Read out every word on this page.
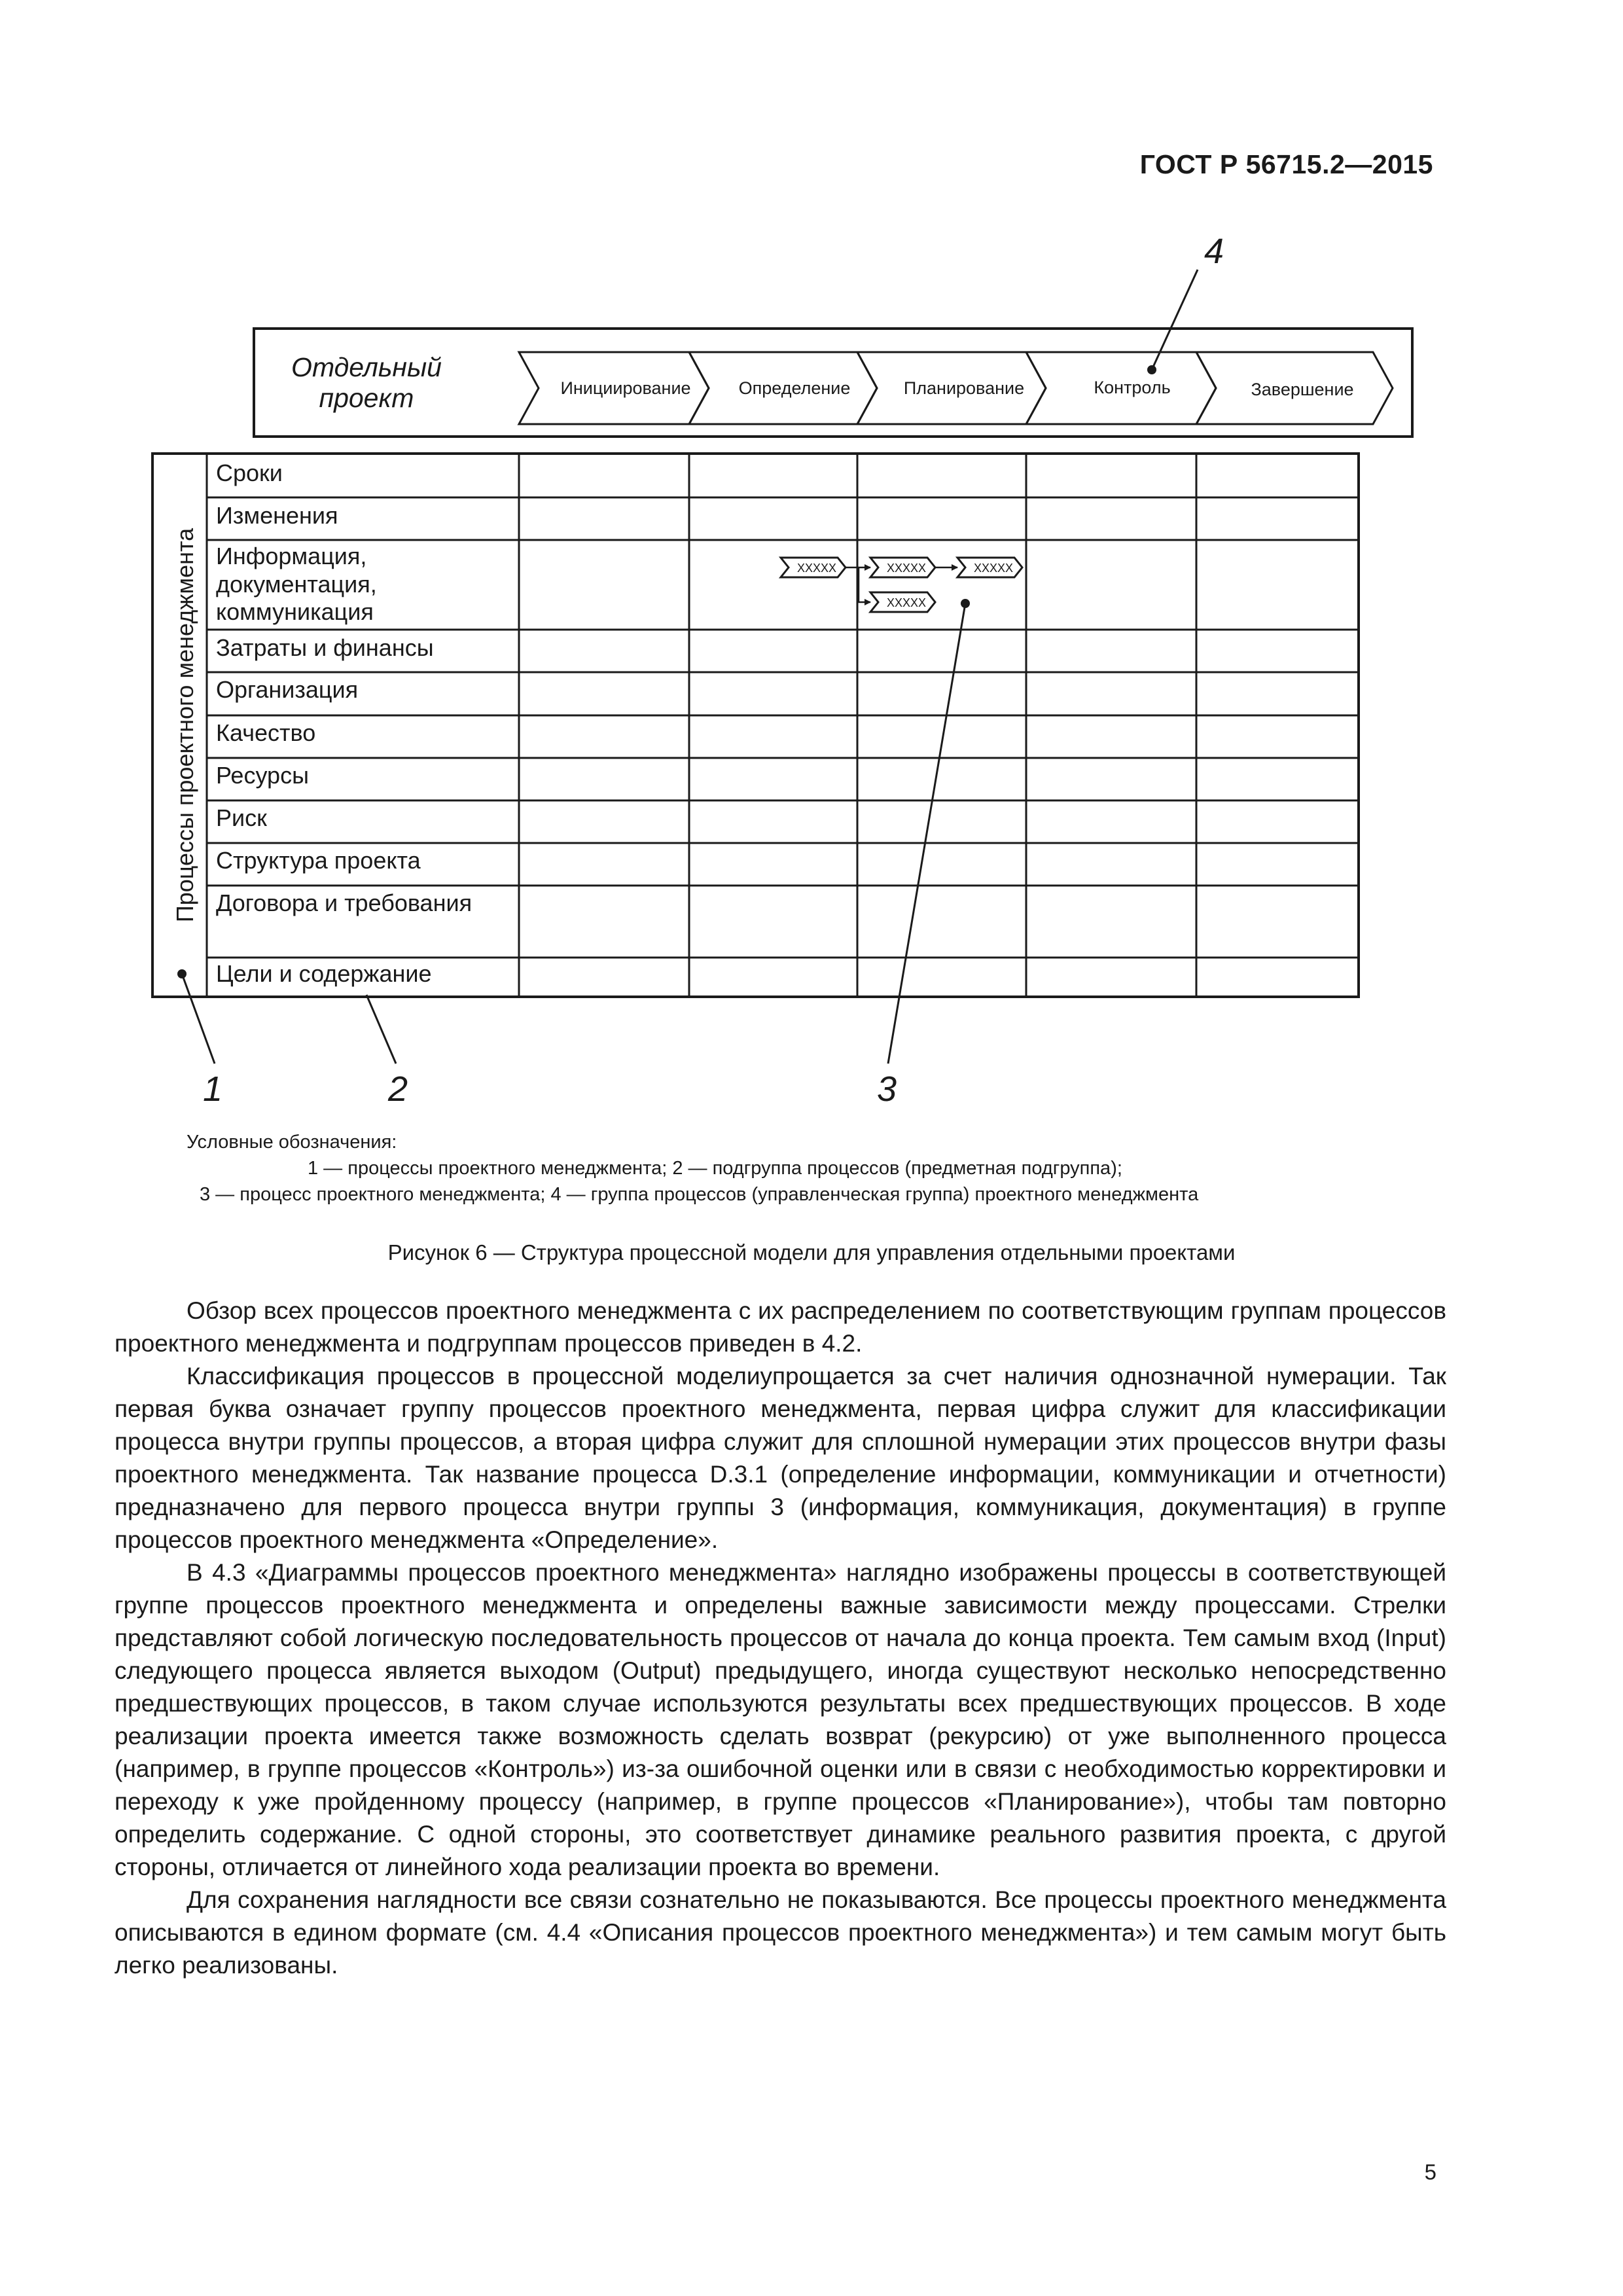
ГОСТ Р 56715.2—2015
Отдельный
проект	Инициирование	Определение	Планирование	Контроль	Завершение
Процессы проектного менеджмента
Сроки
Изменения
Информация,
документация,
коммуникация
Затраты и финансы
Организация
Качество
Ресурсы
Риск
Структура проекта
Договора и требования
Цели и содержание
XXXXX	XXXXX	XXXXX
XXXXX
1	2	3
4
Условные обозначения:
1 — процессы проектного менеджмента; 2 — подгруппа процессов (предметная подгруппа);
3 — процесс проектного менеджмента; 4 — группа процессов (управленческая группа) проектного менеджмента
Рисунок 6 — Структура процессной модели для управления отдельными проектами

Обзор всех процессов проектного менеджмента с их распределением по соответствующим группам процессов проектного менеджмента и подгруппам процессов приведен в 4.2.

Классификация процессов в процессной моделиупрощается за счет наличия однозначной нумерации. Так первая буква означает группу процессов проектного менеджмента, первая цифра служит для классификации процесса внутри группы процессов, а вторая цифра служит для сплошной нумерации этих процессов внутри фазы проектного менеджмента. Так название процесса D.3.1 (определение информации, коммуникации и отчетности) предназначено для первого процесса внутри группы 3 (информация, коммуникация, документация) в группе процессов проектного менеджмента «Определение».

В 4.3 «Диаграммы процессов проектного менеджмента» наглядно изображены процессы в соответствующей группе процессов проектного менеджмента и определены важные зависимости между процессами. Стрелки представляют собой логическую последовательность процессов от начала до конца проекта. Тем самым вход (Input) следующего процесса является выходом (Output) предыдущего, иногда существуют несколько непосредственно предшествующих процессов, в таком случае используются результаты всех предшествующих процессов. В ходе реализации проекта имеется также возможность сделать возврат (рекурсию) от уже выполненного процесса (например, в группе процессов «Контроль») из-за ошибочной оценки или в связи с необходимостью корректировки и переходу к уже пройденному процессу (например, в группе процессов «Планирование»), чтобы там повторно определить содержание. С одной стороны, это соответствует динамике реального развития проекта, с другой стороны, отличается от линейного хода реализации проекта во времени.

Для сохранения наглядности все связи сознательно не показываются. Все процессы проектного менеджмента описываются в едином формате (см. 4.4 «Описания процессов проектного менеджмента») и тем самым могут быть легко реализованы.

5
